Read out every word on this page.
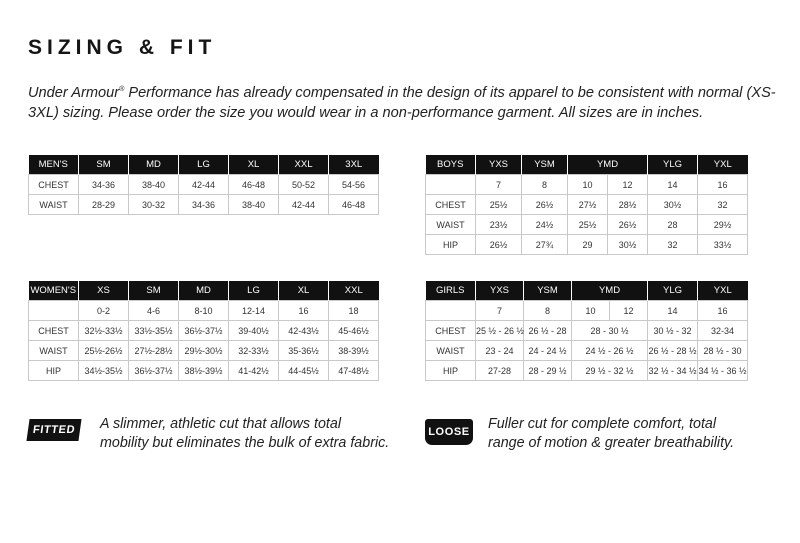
SIZING & FIT
Under Armour® Performance has already compensated in the design of its apparel to be consistent with normal (XS-3XL) sizing. Please order the size you would wear in a non-performance garment. All sizes are in inches.
MEN'S	SM	MD	LG	XL	XXL	3XL
CHEST	34-36	38-40	42-44	46-48	50-52	54-56
WAIST	28-29	30-32	34-36	38-40	42-44	46-48
BOYS	YXS	YSM	YMD		YLG	YXL
	7	8	10	12	14	16
CHEST	25½	26½	27½	28½	30½	32
WAIST	23½	24½	25½	26½	28	29½
HIP	26½	27¾	29	30½	32	33½
WOMEN'S	XS	SM	MD	LG	XL	XXL
	0-2	4-6	8-10	12-14	16	18
CHEST	32½-33½	33½-35½	36½-37½	39-40½	42-43½	45-46½
WAIST	25½-26½	27½-28½	29½-30½	32-33½	35-36½	38-39½
HIP	34½-35½	36½-37½	38½-39½	41-42½	44-45½	47-48½
GIRLS	YXS	YSM	YMD		YLG	YXL
	7	8	10	12	14	16
CHEST	25 ½ - 26 ½	26 ½ - 28	28 - 30 ½		30 ½ - 32	32-34
WAIST	23 - 24	24 - 24 ½	24 ½ - 26 ½		26 ½ - 28 ½	28 ½ - 30
HIP	27-28	28 - 29 ½	29 ½ - 32 ½		32 ½ - 34 ½	34 ½ - 36 ½
FITTED	A slimmer, athletic cut that allows total
mobility but eliminates the bulk of extra fabric.
LOOSE Fuller cut for complete comfort, total
range of motion & greater breathability.
